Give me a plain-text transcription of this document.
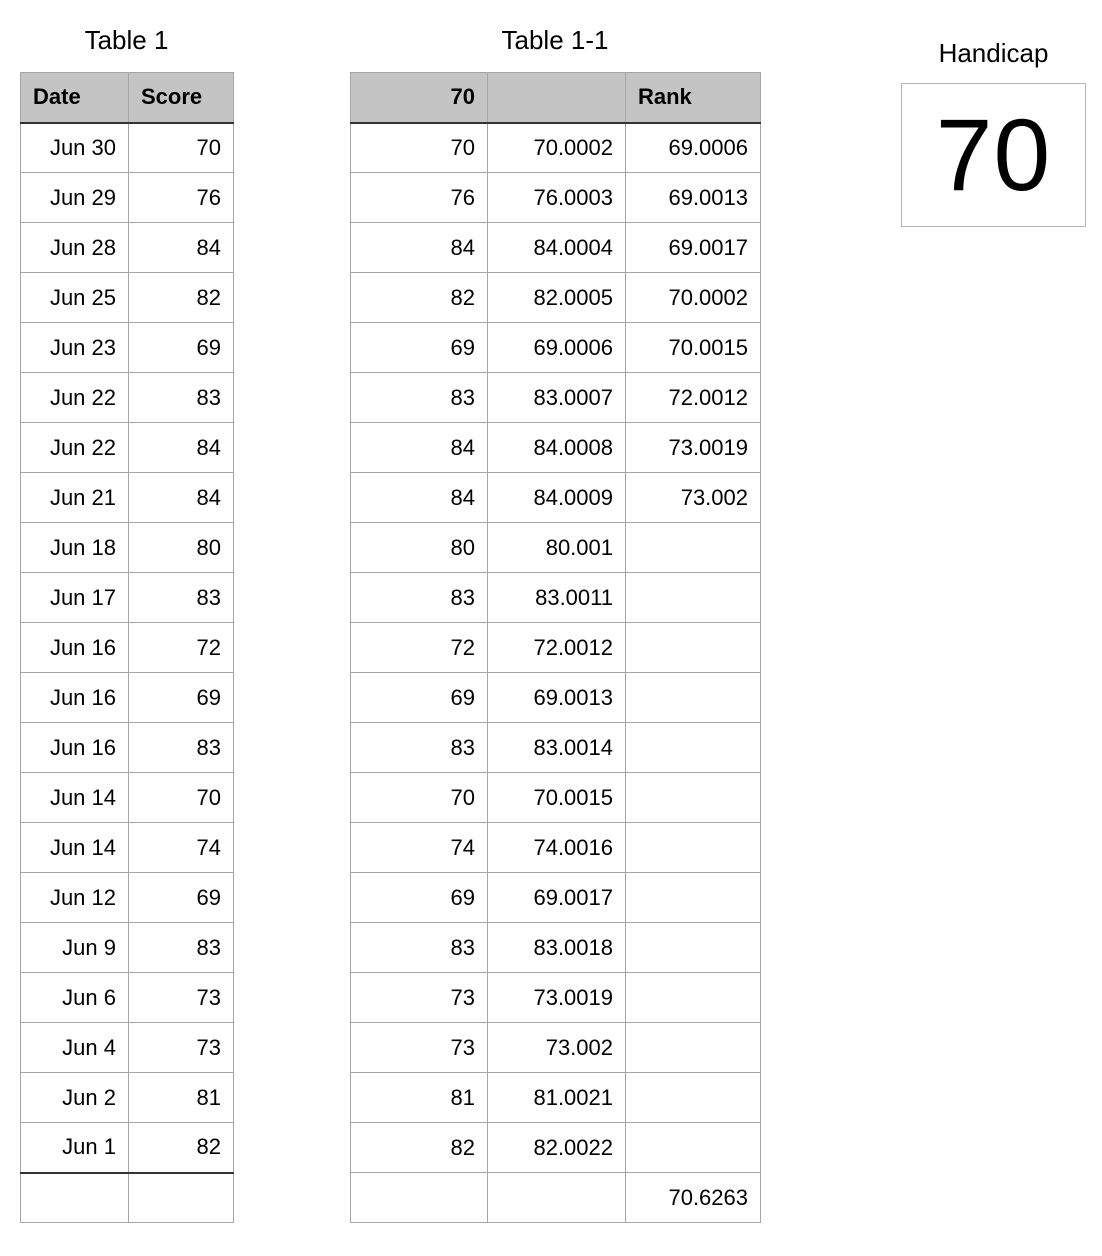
Table 1
Date	Score
Jun 30	70
Jun 29	76
Jun 28	84
Jun 25	82
Jun 23	69
Jun 22	83
Jun 22	84
Jun 21	84
Jun 18	80
Jun 17	83
Jun 16	72
Jun 16	69
Jun 16	83
Jun 14	70
Jun 14	74
Jun 12	69
Jun 9	83
Jun 6	73
Jun 4	73
Jun 2	81
Jun 1	82

Table 1-1
70		Rank
70	70.0002	69.0006
76	76.0003	69.0013
84	84.0004	69.0017
82	82.0005	70.0002
69	69.0006	70.0015
83	83.0007	72.0012
84	84.0008	73.0019
84	84.0009	73.002
80	80.001	
83	83.0011	
72	72.0012	
69	69.0013	
83	83.0014	
70	70.0015	
74	74.0016	
69	69.0017	
83	83.0018	
73	73.0019	
73	73.002	
81	81.0021	
82	82.0022	
		70.6263
Handicap
70
